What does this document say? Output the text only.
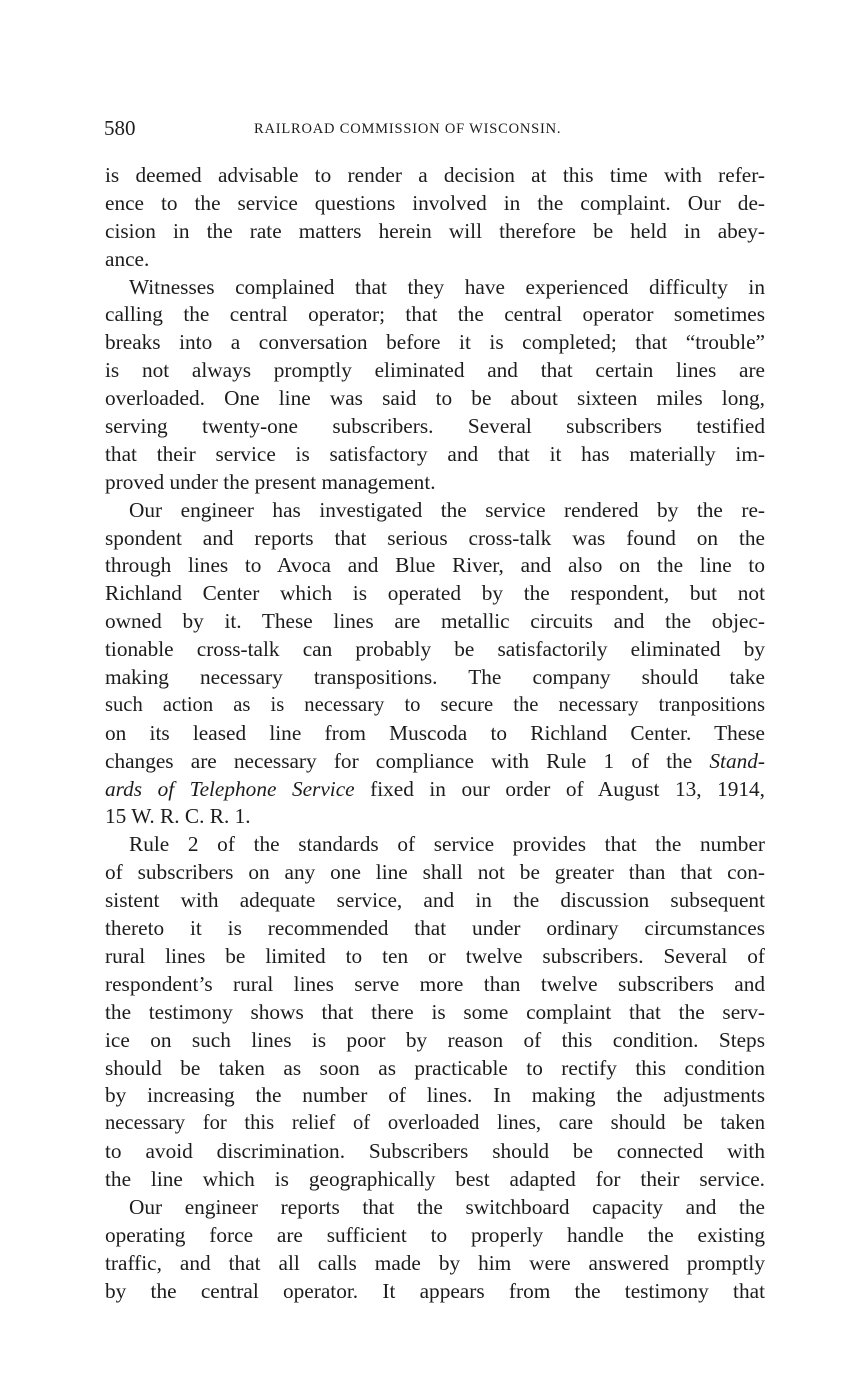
580	RAILROAD COMMISSION OF WISCONSIN.
is deemed advisable to render a decision at this time with refer-
ence to the service questions involved in the complaint. Our de-
cision in the rate matters herein will therefore be held in abey-
ance.
Witnesses complained that they have experienced difficulty in
calling the central operator; that the central operator sometimes
breaks into a conversation before it is completed; that “trouble”
is not always promptly eliminated and that certain lines are
overloaded. One line was said to be about sixteen miles long,
serving twenty-one subscribers. Several subscribers testified
that their service is satisfactory and that it has materially im-
proved under the present management.
Our engineer has investigated the service rendered by the re-
spondent and reports that serious cross-talk was found on the
through lines to Avoca and Blue River, and also on the line to
Richland Center which is operated by the respondent, but not
owned by it. These lines are metallic circuits and the objec-
tionable cross-talk can probably be satisfactorily eliminated by
making necessary transpositions. The company should take
such action as is necessary to secure the necessary tranpositions
on its leased line from Muscoda to Richland Center. These
changes are necessary for compliance with Rule 1 of the Stand-
ards of Telephone Service fixed in our order of August 13, 1914,
15 W. R. C. R. 1.
Rule 2 of the standards of service provides that the number
of subscribers on any one line shall not be greater than that con-
sistent with adequate service, and in the discussion subsequent
thereto it is recommended that under ordinary circumstances
rural lines be limited to ten or twelve subscribers. Several of
respondent’s rural lines serve more than twelve subscribers and
the testimony shows that there is some complaint that the serv-
ice on such lines is poor by reason of this condition. Steps
should be taken as soon as practicable to rectify this condition
by increasing the number of lines. In making the adjustments
necessary for this relief of overloaded lines, care should be taken
to avoid discrimination. Subscribers should be connected with
the line which is geographically best adapted for their service.
Our engineer reports that the switchboard capacity and the
operating force are sufficient to properly handle the existing
traffic, and that all calls made by him were answered promptly
by the central operator. It appears from the testimony that
